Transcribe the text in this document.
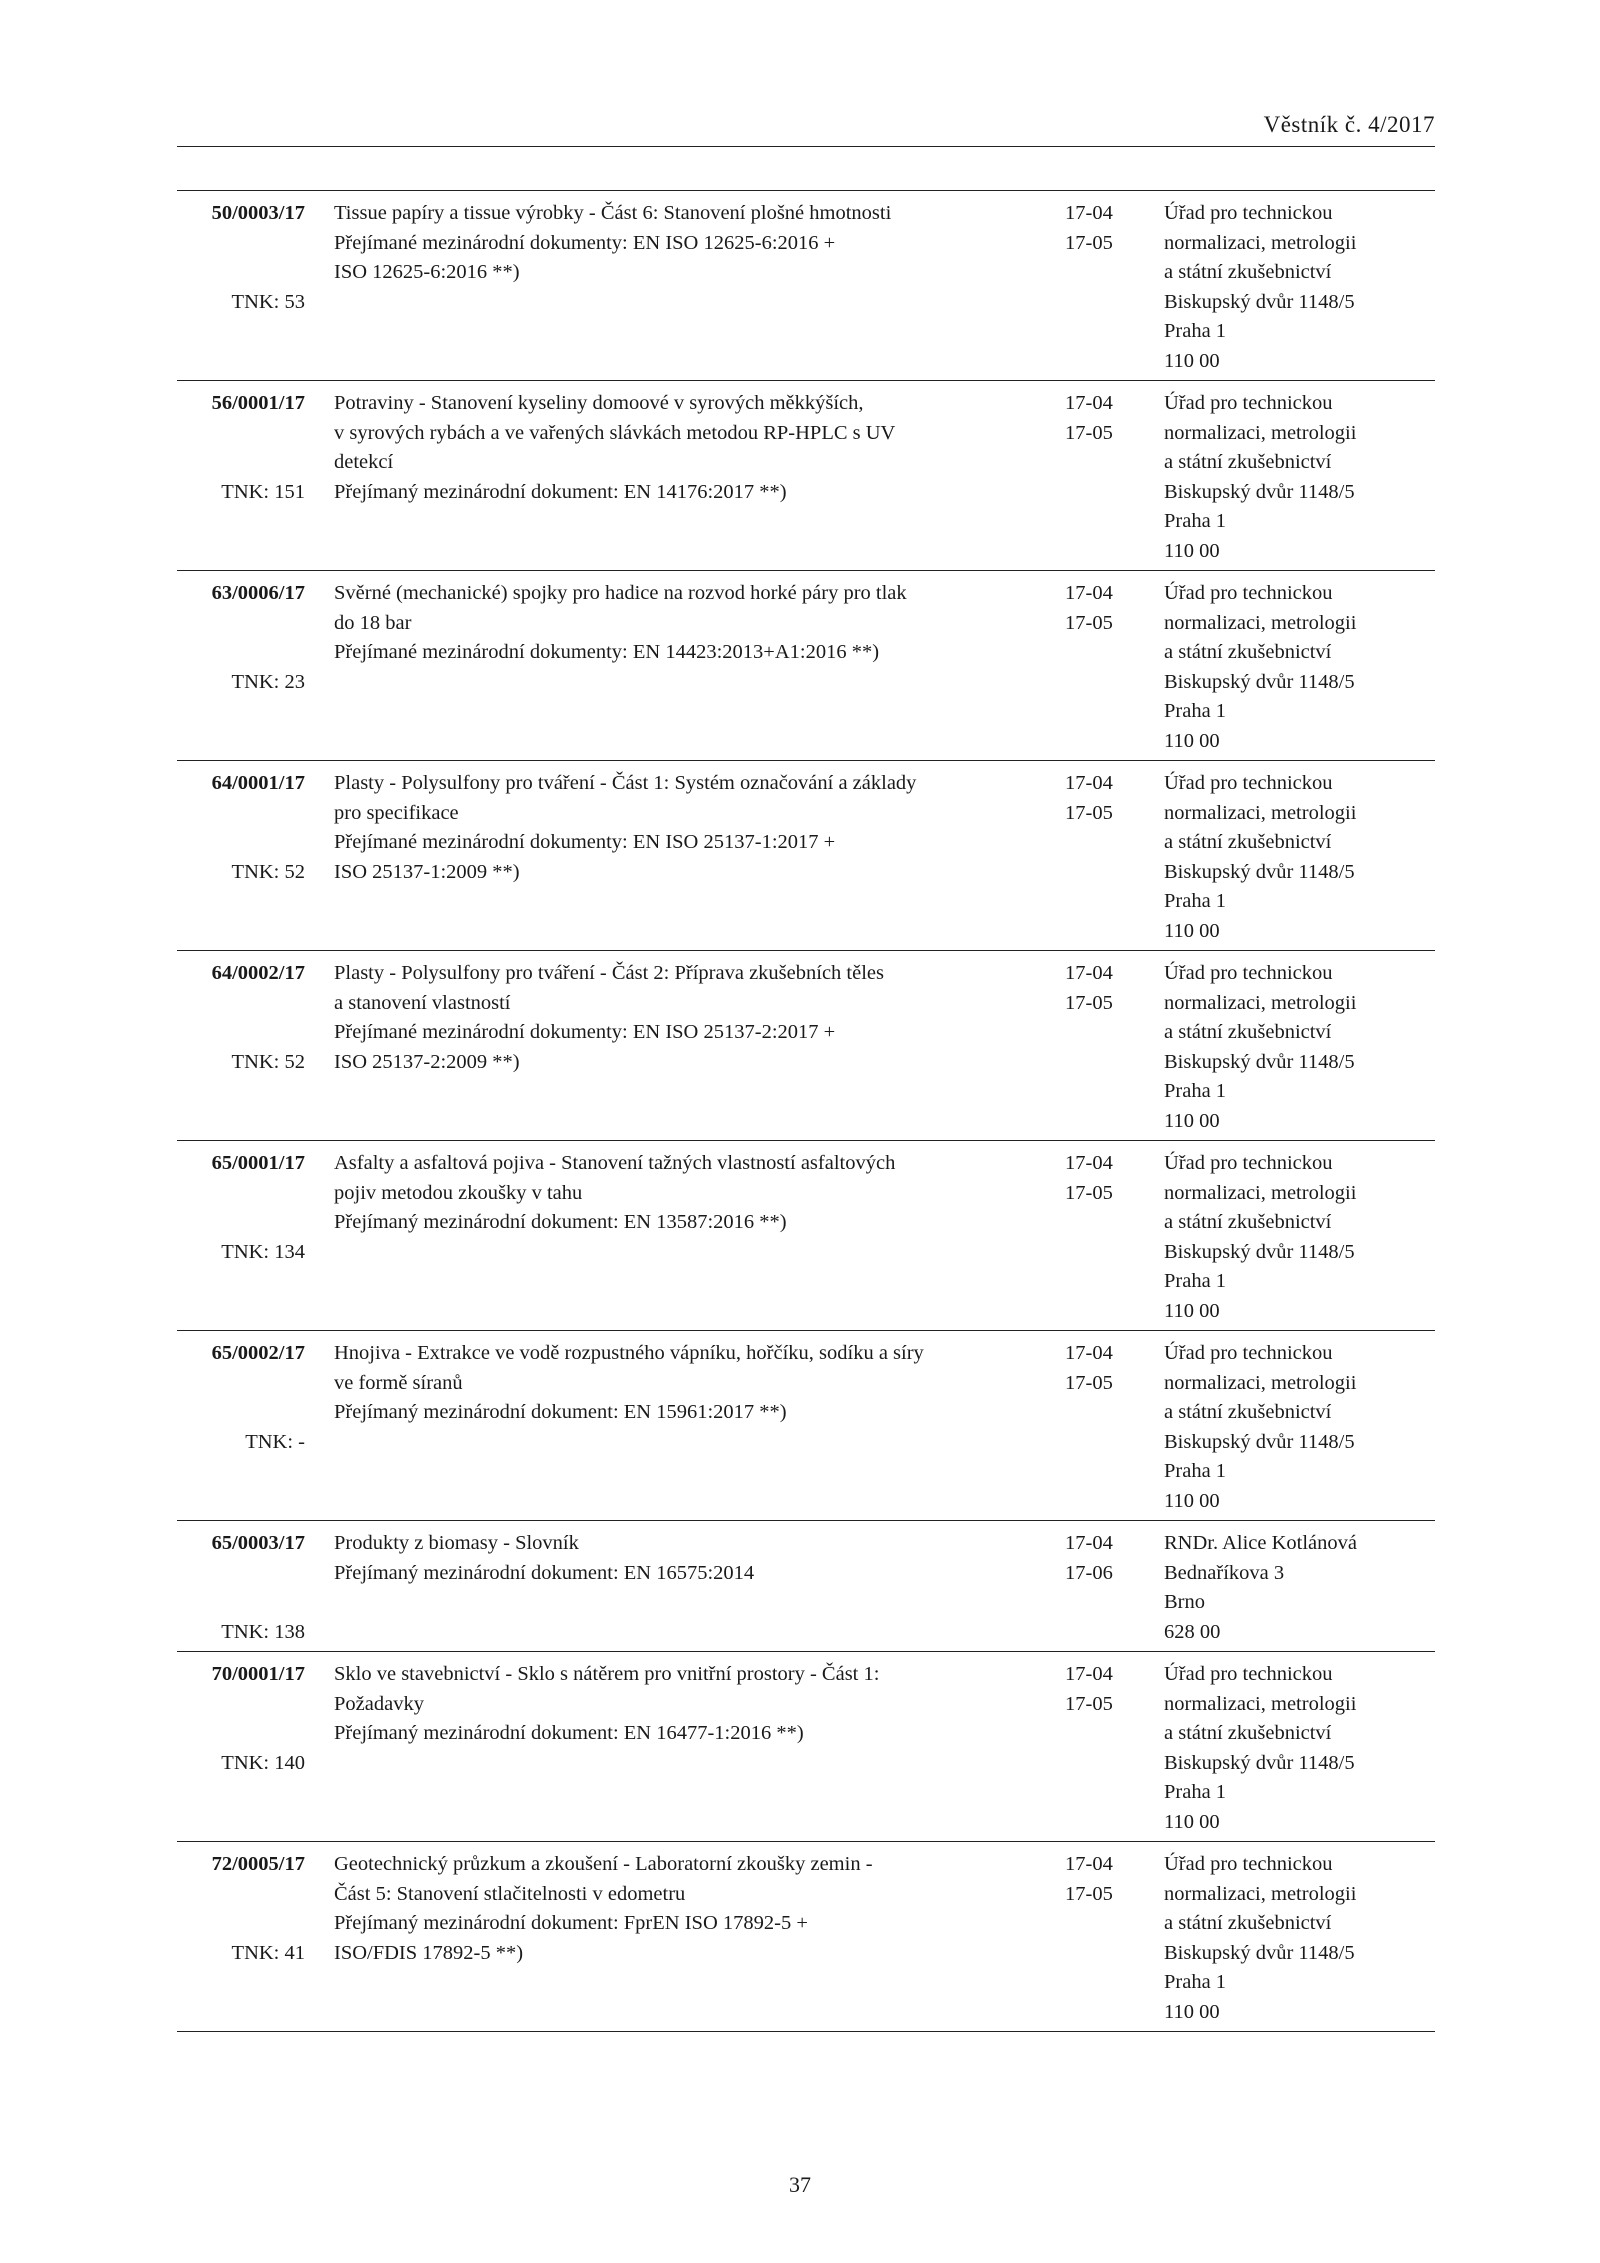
Věstník č. 4/2017
50/0003/17
TNK: 53
Tissue papíry a tissue výrobky - Část 6: Stanovení plošné hmotnosti
Přejímané mezinárodní dokumenty: EN ISO 12625-6:2016 +
ISO 12625-6:2016 **)

17-04
17-05
Úřad pro technickou
normalizaci, metrologii
a státní zkušebnictví
Biskupský dvůr 1148/5
Praha 1
110 00
56/0001/17
TNK: 151
Potraviny - Stanovení kyseliny domoové v syrových měkkýších,
v syrových rybách a ve vařených slávkách metodou RP-HPLC s UV
detekcí
Přejímaný mezinárodní dokument: EN 14176:2017 **)

17-04
17-05
Úřad pro technickou
normalizaci, metrologii
a státní zkušebnictví
Biskupský dvůr 1148/5
Praha 1
110 00
63/0006/17
TNK: 23
Svěrné (mechanické) spojky pro hadice na rozvod horké páry pro tlak
do 18 bar
Přejímané mezinárodní dokumenty: EN 14423:2013+A1:2016 **)

17-04
17-05
Úřad pro technickou
normalizaci, metrologii
a státní zkušebnictví
Biskupský dvůr 1148/5
Praha 1
110 00
64/0001/17
TNK: 52
Plasty - Polysulfony pro tváření - Část 1: Systém označování a základy
pro specifikace
Přejímané mezinárodní dokumenty: EN ISO 25137-1:2017 +
ISO 25137-1:2009 **)

17-04
17-05
Úřad pro technickou
normalizaci, metrologii
a státní zkušebnictví
Biskupský dvůr 1148/5
Praha 1
110 00
64/0002/17
TNK: 52
Plasty - Polysulfony pro tváření - Část 2: Příprava zkušebních těles
a stanovení vlastností
Přejímané mezinárodní dokumenty: EN ISO 25137-2:2017 +
ISO 25137-2:2009 **)

17-04
17-05
Úřad pro technickou
normalizaci, metrologii
a státní zkušebnictví
Biskupský dvůr 1148/5
Praha 1
110 00
65/0001/17
TNK: 134
Asfalty a asfaltová pojiva - Stanovení tažných vlastností asfaltových
pojiv metodou zkoušky v tahu
Přejímaný mezinárodní dokument: EN 13587:2016 **)

17-04
17-05
Úřad pro technickou
normalizaci, metrologii
a státní zkušebnictví
Biskupský dvůr 1148/5
Praha 1
110 00
65/0002/17
TNK: -
Hnojiva - Extrakce ve vodě rozpustného vápníku, hořčíku, sodíku a síry
ve formě síranů
Přejímaný mezinárodní dokument: EN 15961:2017 **)

17-04
17-05
Úřad pro technickou
normalizaci, metrologii
a státní zkušebnictví
Biskupský dvůr 1148/5
Praha 1
110 00
65/0003/17
TNK: 138
Produkty z biomasy - Slovník
Přejímaný mezinárodní dokument: EN 16575:2014

17-04
17-06
RNDr. Alice Kotlánová
Bednaříkova 3
Brno
628 00
70/0001/17
TNK: 140
Sklo ve stavebnictví - Sklo s nátěrem pro vnitřní prostory - Část 1:
Požadavky
Přejímaný mezinárodní dokument: EN 16477-1:2016 **)

17-04
17-05
Úřad pro technickou
normalizaci, metrologii
a státní zkušebnictví
Biskupský dvůr 1148/5
Praha 1
110 00
72/0005/17
TNK: 41
Geotechnický průzkum a zkoušení - Laboratorní zkoušky zemin -
Část 5: Stanovení stlačitelnosti v edometru
Přejímaný mezinárodní dokument: FprEN ISO 17892-5 +
ISO/FDIS 17892-5 **)

17-04
17-05
Úřad pro technickou
normalizaci, metrologii
a státní zkušebnictví
Biskupský dvůr 1148/5
Praha 1
110 00
37
